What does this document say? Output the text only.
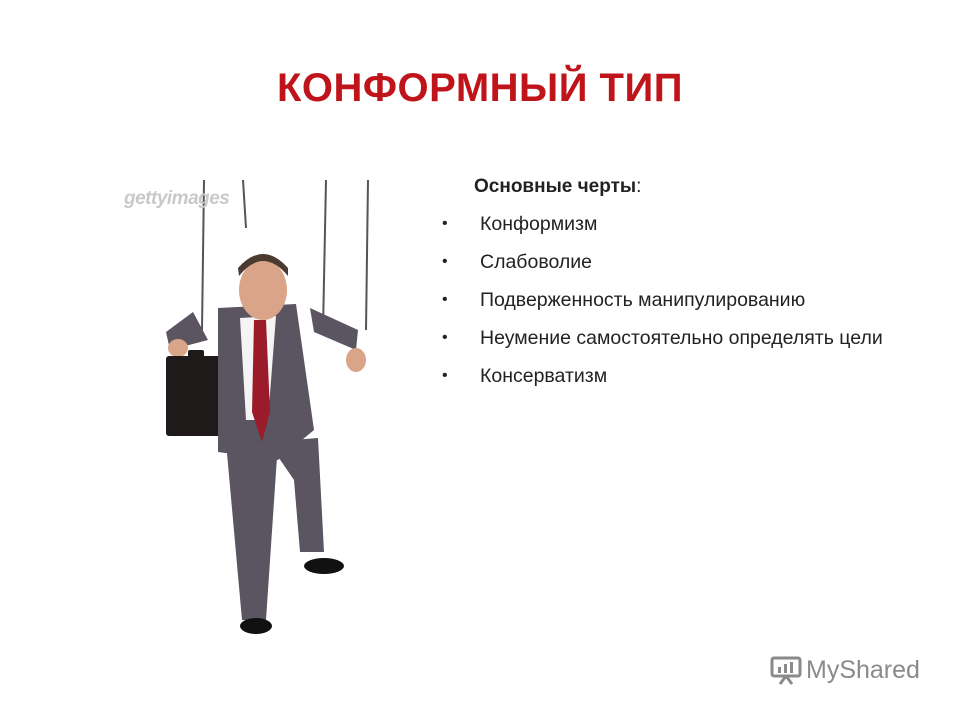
КОНФОРМНЫЙ ТИП
gettyimages
Основные черты:
• Конформизм
• Слабоволие
• Подверженность манипулированию
• Неумение самостоятельно определять цели
• Консерватизм
MyShared
